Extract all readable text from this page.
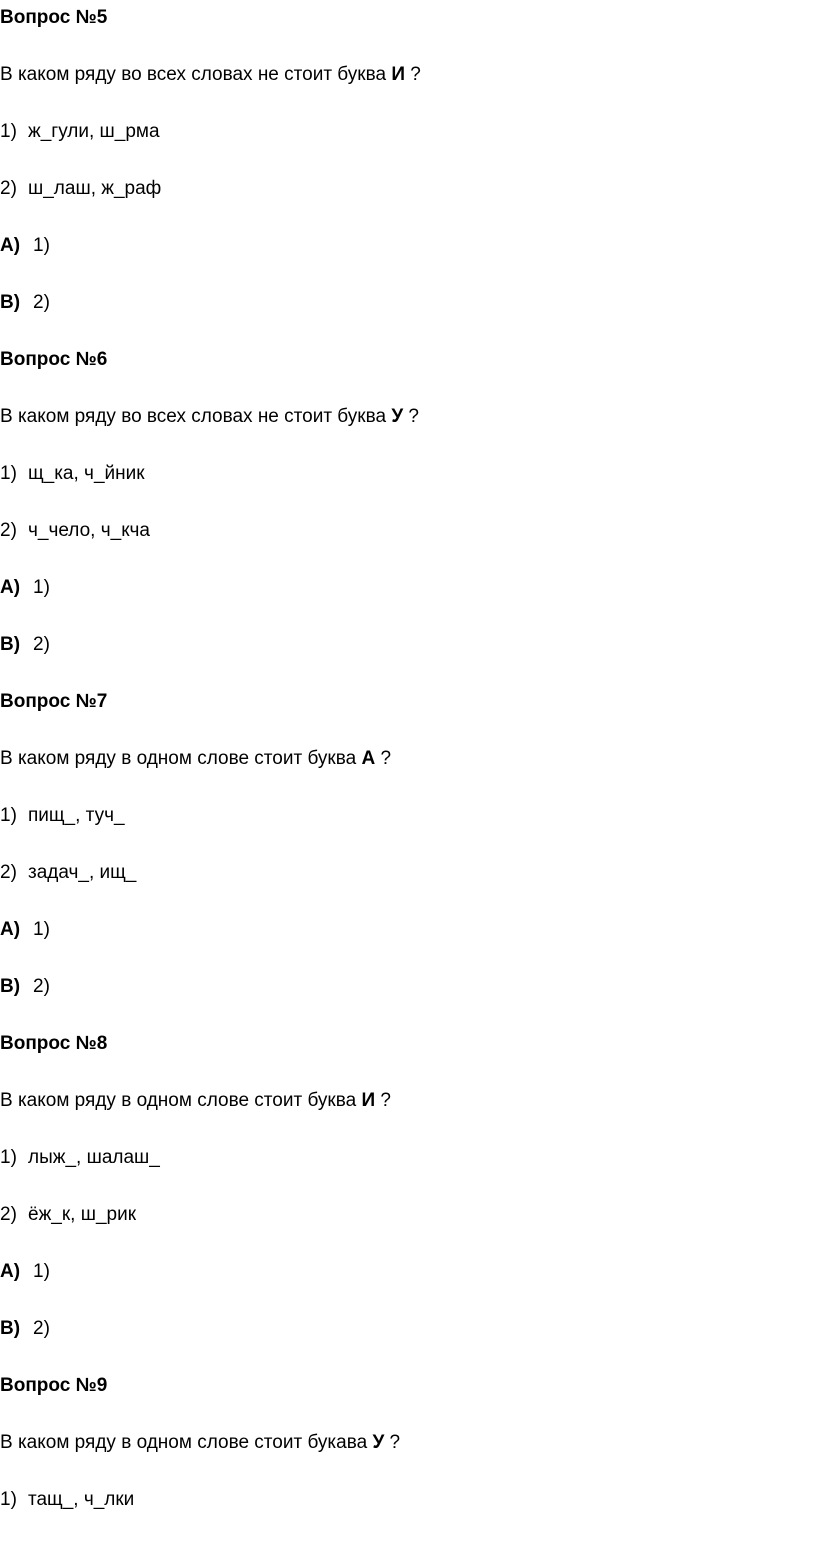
Вопрос №5
В каком ряду во всех словах не стоит буква И ?
1) ж_гули, ш_рма
2) ш_лаш, ж_раф
А) 1)
В) 2)
Вопрос №6
В каком ряду во всех словах не стоит буква У ?
1) щ_ка, ч_йник
2) ч_чело, ч_кча
А) 1)
В) 2)
Вопрос №7
В каком ряду в одном слове стоит буква А ?
1) пищ_, туч_
2) задач_, ищ_
А) 1)
В) 2)
Вопрос №8
В каком ряду в одном слове стоит буква И ?
1) лыж_, шалаш_
2) ёж_к, ш_рик
А) 1)
В) 2)
Вопрос №9
В каком ряду в одном слове стоит букава У ?
1) тащ_, ч_лки
